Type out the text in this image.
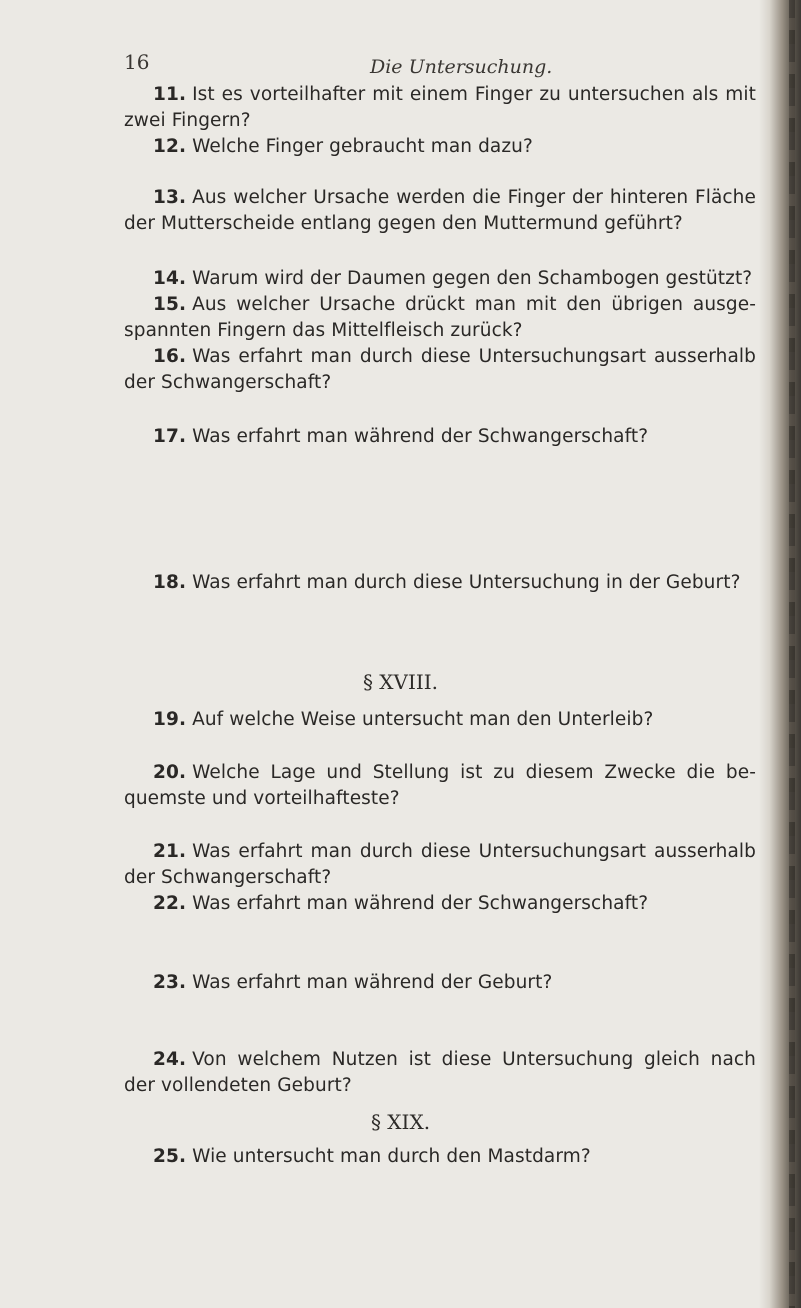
16	Die Untersuchung.

11. Ist es vorteilhafter mit einem Finger zu untersuchen als mit zwei Fingern?

12. Welche Finger gebraucht man dazu?

13. Aus welcher Ursache werden die Finger der hinteren Fläche der Mutterscheide entlang gegen den Muttermund geführt?

14. Warum wird der Daumen gegen den Schambogen gestützt?

15. Aus welcher Ursache drückt man mit den übrigen ausge- spannten Fingern das Mittelfleisch zurück?

16. Was erfahrt man durch diese Untersuchungsart ausserhalb der Schwangerschaft?

17. Was erfahrt man während der Schwangerschaft?

18. Was erfahrt man durch diese Untersuchung in der Geburt?

§ XVIII.

19. Auf welche Weise untersucht man den Unterleib?

20. Welche Lage und Stellung ist zu diesem Zwecke die be- quemste und vorteilhafteste?

21. Was erfahrt man durch diese Untersuchungsart ausserhalb der Schwangerschaft?

22. Was erfahrt man während der Schwangerschaft?

23. Was erfahrt man während der Geburt?

24. Von welchem Nutzen ist diese Untersuchung gleich nach der vollendeten Geburt?

§ XIX.

25. Wie untersucht man durch den Mastdarm?
